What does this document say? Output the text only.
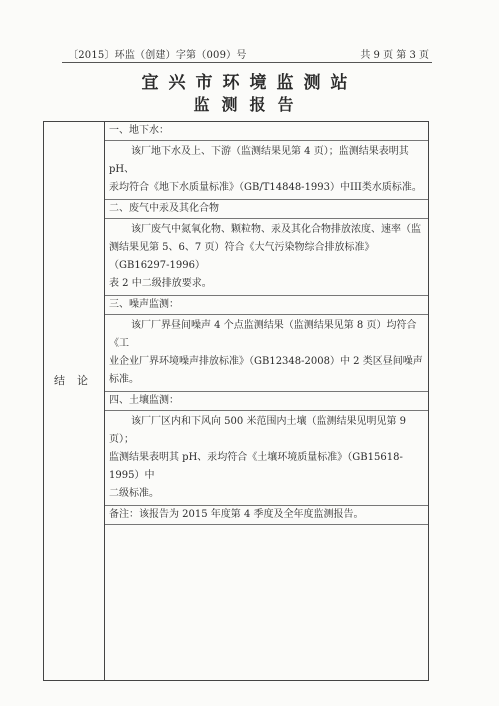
〔2015〕环监（创建）字第（009）号	共 9 页 第 3 页
宜兴市环境监测站
监测报告
结论
一、地下水：
该厂地下水及上、下游（监测结果见第 4 页）；监测结果表明其 pH、
汞均符合《地下水质量标准》（GB/T14848-1993）中III类水质标准。
二、废气中汞及其化合物
该厂废气中氮氧化物、颗粒物、汞及其化合物排放浓度、速率（监
测结果见第 5、6、7 页）符合《大气污染物综合排放标准》（GB16297-1996）
表 2 中二级排放要求。
三、噪声监测：
该厂厂界昼间噪声 4 个点监测结果（监测结果见第 8 页）均符合《工
业企业厂界环境噪声排放标准》（GB12348-2008）中 2 类区昼间噪声标准。
四、土壤监测：
该厂厂区内和下风向 500 米范围内土壤（监测结果见明见第 9 页）；
监测结果表明其 pH、汞均符合《土壤环境质量标准》（GB15618-1995）中
二级标准。
备注：该报告为 2015 年度第 4 季度及全年度监测报告。
